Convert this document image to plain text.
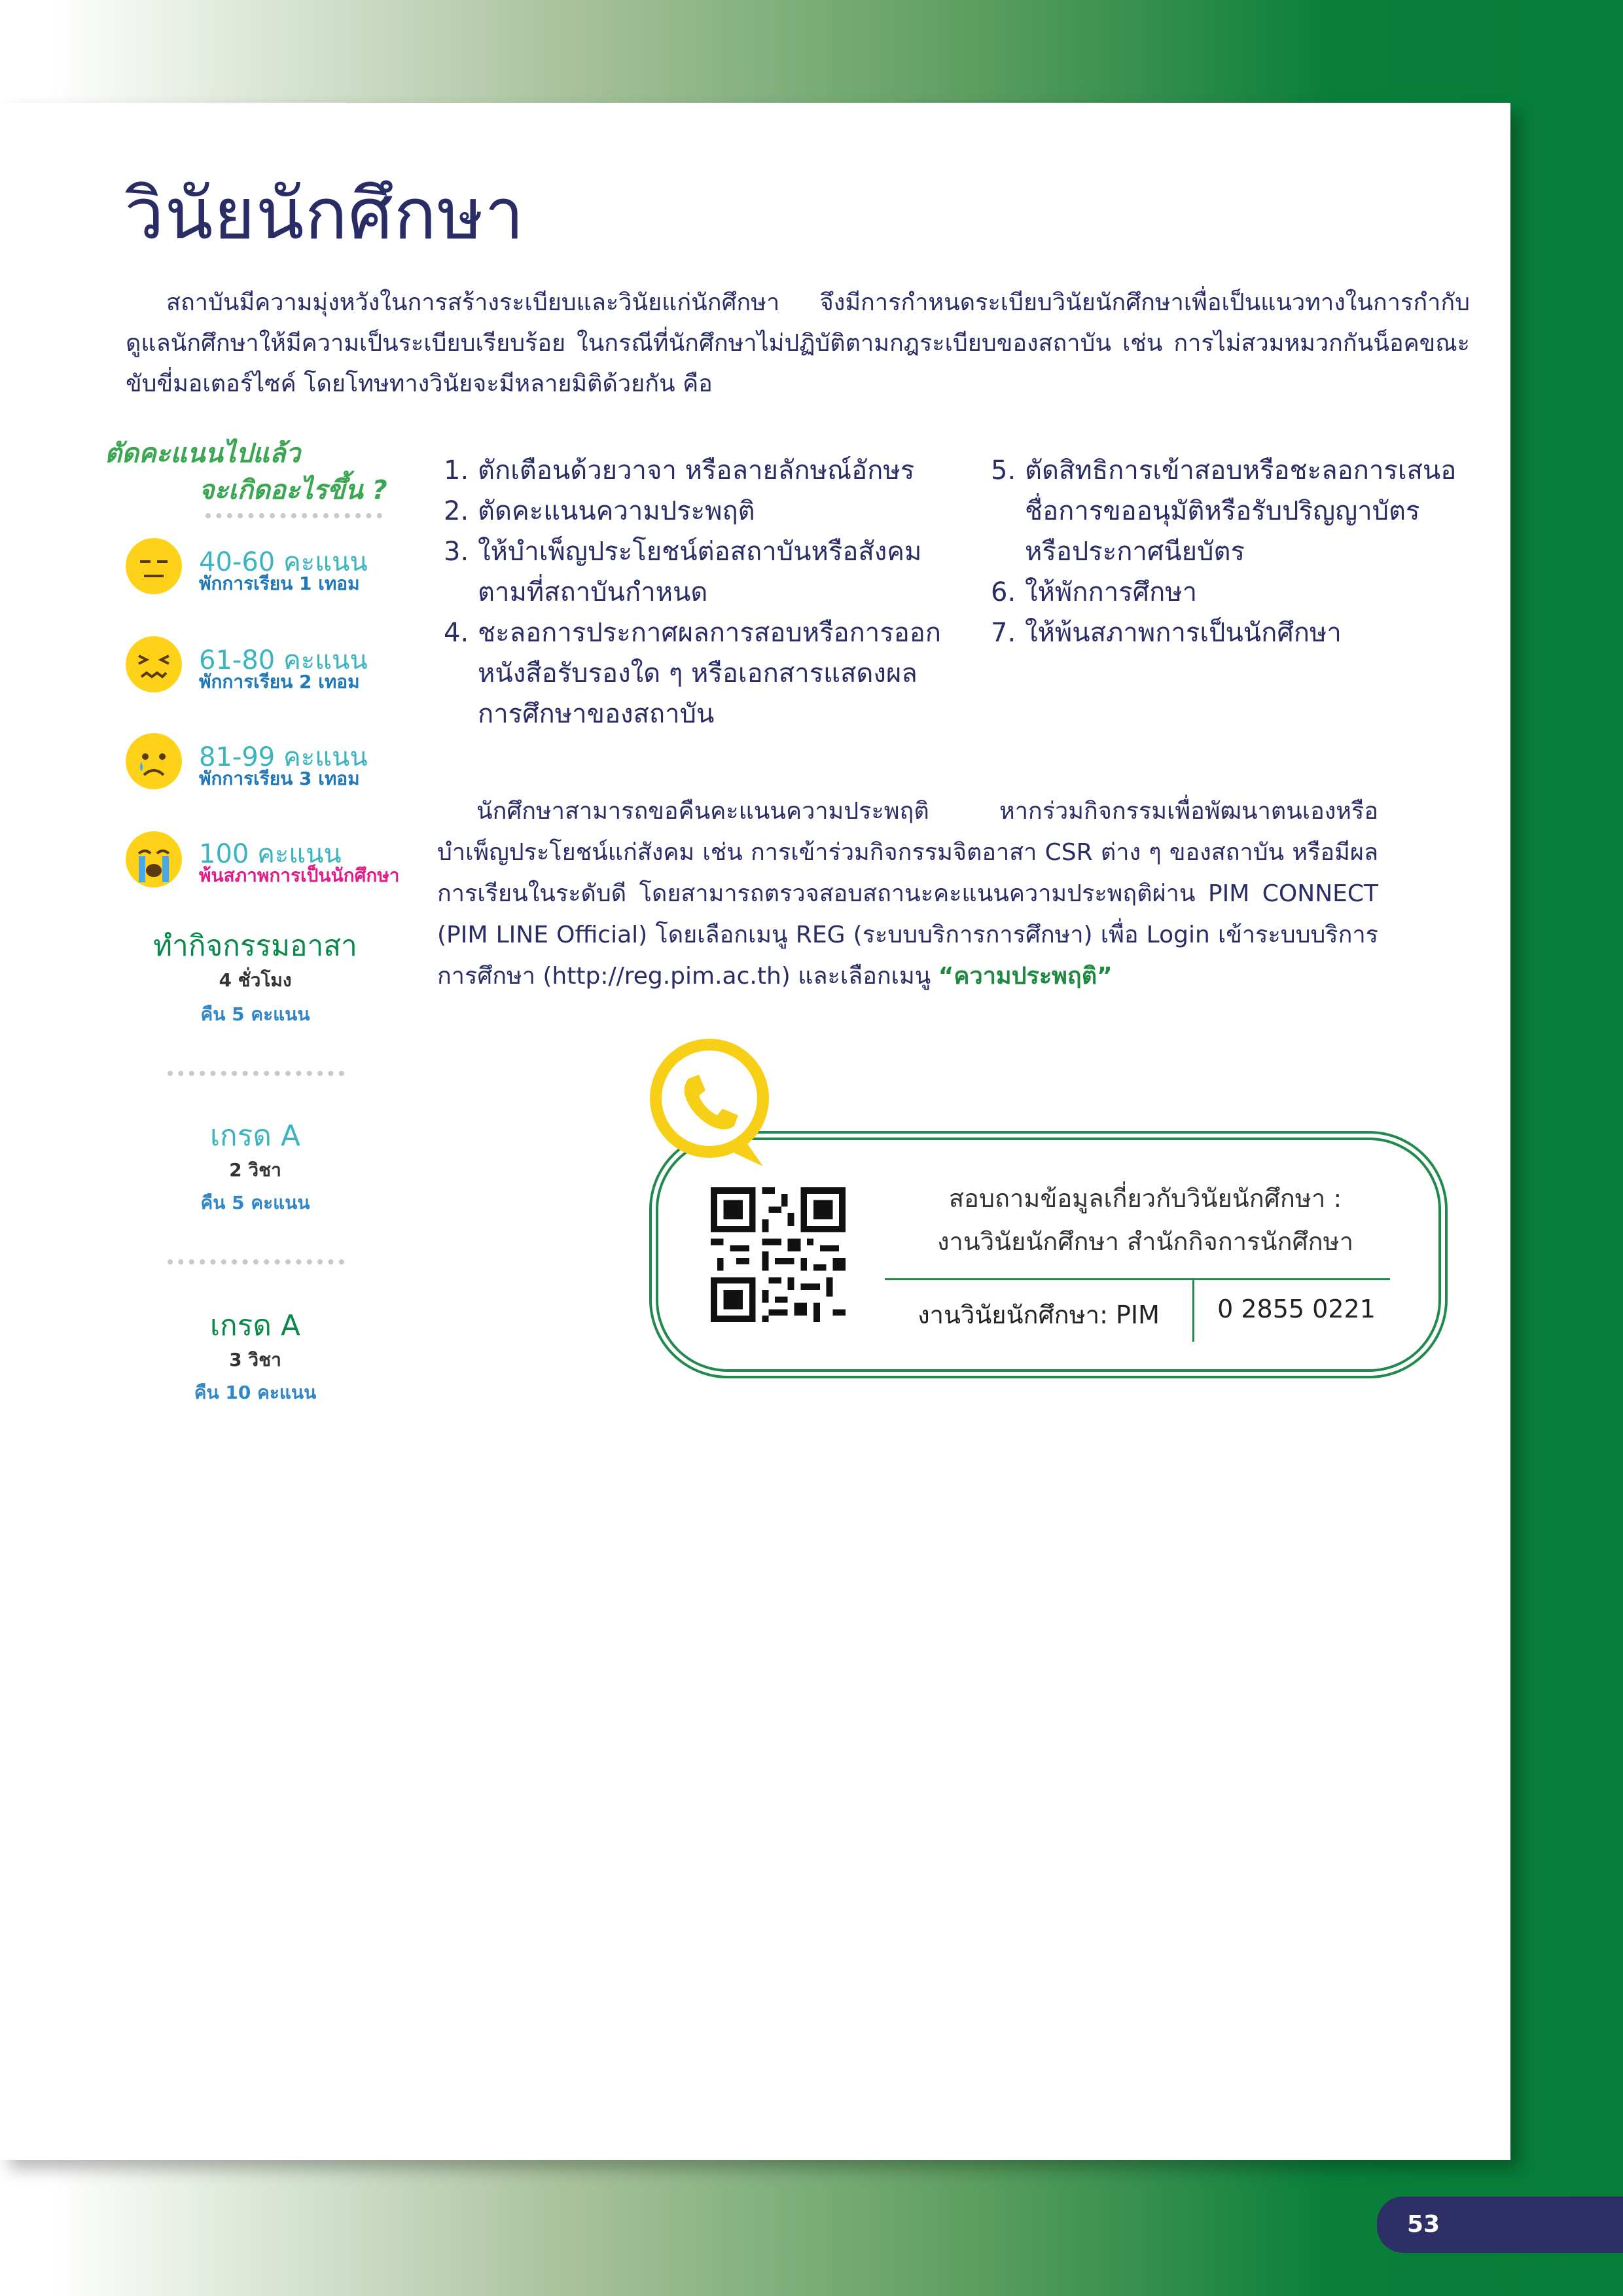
วินัยนักศึกษา

สถาบันมีความมุ่งหวังในการสร้างระเบียบและวินัยแก่นักศึกษา จึงมีการกำหนดระเบียบวินัยนักศึกษาเพื่อเป็นแนวทางในการกำกับดูแลนักศึกษาให้มีความเป็นระเบียบเรียบร้อย ในกรณีที่นักศึกษาไม่ปฏิบัติตามกฎระเบียบของสถาบัน เช่น การไม่สวมหมวกกันน็อคขณะขับขี่มอเตอร์ไซค์ โดยโทษทางวินัยจะมีหลายมิติด้วยกัน คือ

ตัดคะแนนไปแล้ว
จะเกิดอะไรขึ้น ?
40-60 คะแนน
พักการเรียน 1 เทอม
61-80 คะแนน
พักการเรียน 2 เทอม
81-99 คะแนน
พักการเรียน 3 เทอม
100 คะแนน
พ้นสภาพการเป็นนักศึกษา
ทำกิจกรรมอาสา
4 ชั่วโมง
คืน 5 คะแนน
เกรด A
2 วิชา
คืน 5 คะแนน
เกรด A
3 วิชา
คืน 10 คะแนน
1. ตักเตือนด้วยวาจา หรือลายลักษณ์อักษร
2. ตัดคะแนนความประพฤติ
3. ให้บำเพ็ญประโยชน์ต่อสถาบันหรือสังคมตามที่สถาบันกำหนด
4. ชะลอการประกาศผลการสอบหรือการออกหนังสือรับรองใด ๆ หรือเอกสารแสดงผลการศึกษาของสถาบัน
5. ตัดสิทธิการเข้าสอบหรือชะลอการเสนอชื่อการขออนุมัติหรือรับปริญญาบัตรหรือประกาศนียบัตร
6. ให้พักการศึกษา
7. ให้พ้นสภาพการเป็นนักศึกษา

นักศึกษาสามารถขอคืนคะแนนความประพฤติ หากร่วมกิจกรรมเพื่อพัฒนาตนเองหรือบำเพ็ญประโยชน์แก่สังคม เช่น การเข้าร่วมกิจกรรมจิตอาสา CSR ต่าง ๆ ของสถาบัน หรือมีผลการเรียนในระดับดี โดยสามารถตรวจสอบสถานะคะแนนความประพฤติผ่าน PIM CONNECT (PIM LINE Official) โดยเลือกเมนู REG (ระบบบริการการศึกษา) เพื่อ Login เข้าระบบบริการการศึกษา (http://reg.pim.ac.th) และเลือกเมนู “ความประพฤติ”

สอบถามข้อมูลเกี่ยวกับวินัยนักศึกษา :
งานวินัยนักศึกษา สำนักกิจการนักศึกษา
งานวินัยนักศึกษา: PIM	0 2855 0221
53
